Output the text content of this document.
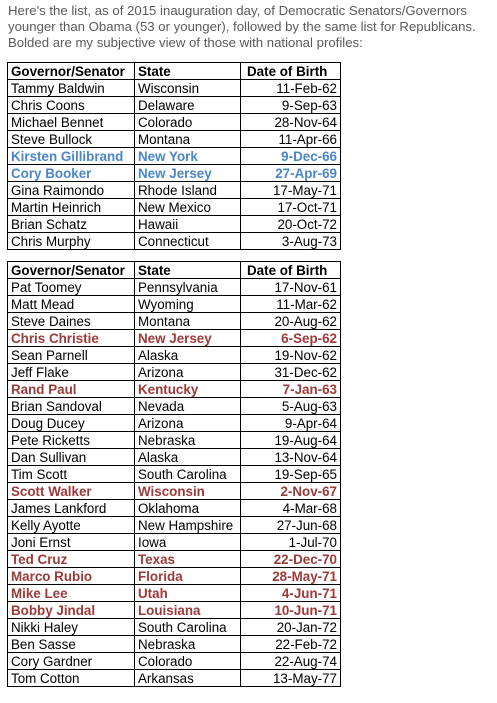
Here's the list, as of 2015 inauguration day, of Democratic Senators/Governors younger than Obama (53 or younger), followed by the same list for Republicans. Bolded are my subjective view of those with national profiles:
Governor/Senator	State	Date of Birth
Tammy Baldwin	Wisconsin	11-Feb-62
Chris Coons	Delaware	9-Sep-63
Michael Bennet	Colorado	28-Nov-64
Steve Bullock	Montana	11-Apr-66
Kirsten Gillibrand	New York	9-Dec-66
Cory Booker	New Jersey	27-Apr-69
Gina Raimondo	Rhode Island	17-May-71
Martin Heinrich	New Mexico	17-Oct-71
Brian Schatz	Hawaii	20-Oct-72
Chris Murphy	Connecticut	3-Aug-73
Governor/Senator	State	Date of Birth
Pat Toomey	Pennsylvania	17-Nov-61
Matt Mead	Wyoming	11-Mar-62
Steve Daines	Montana	20-Aug-62
Chris Christie	New Jersey	6-Sep-62
Sean Parnell	Alaska	19-Nov-62
Jeff Flake	Arizona	31-Dec-62
Rand Paul	Kentucky	7-Jan-63
Brian Sandoval	Nevada	5-Aug-63
Doug Ducey	Arizona	9-Apr-64
Pete Ricketts	Nebraska	19-Aug-64
Dan Sullivan	Alaska	13-Nov-64
Tim Scott	South Carolina	19-Sep-65
Scott Walker	Wisconsin	2-Nov-67
James Lankford	Oklahoma	4-Mar-68
Kelly Ayotte	New Hampshire	27-Jun-68
Joni Ernst	Iowa	1-Jul-70
Ted Cruz	Texas	22-Dec-70
Marco Rubio	Florida	28-May-71
Mike Lee	Utah	4-Jun-71
Bobby Jindal	Louisiana	10-Jun-71
Nikki Haley	South Carolina	20-Jan-72
Ben Sasse	Nebraska	22-Feb-72
Cory Gardner	Colorado	22-Aug-74
Tom Cotton	Arkansas	13-May-77
